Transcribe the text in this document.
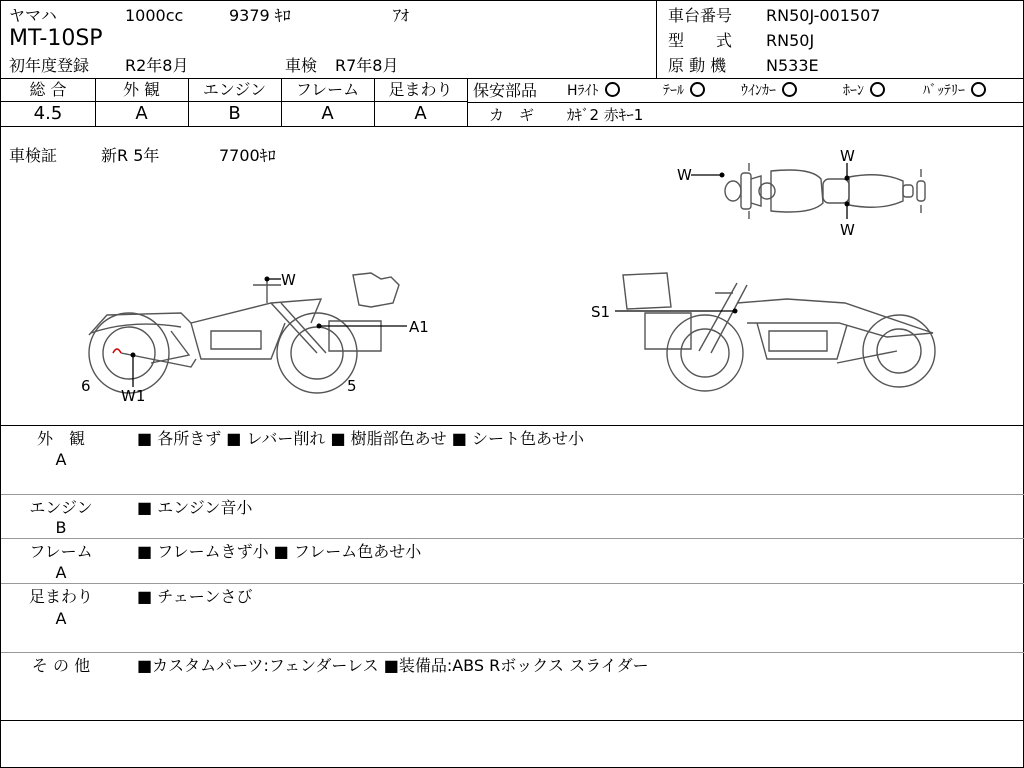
ヤマハ	1000cc	9379 ｷﾛ	ｱｵ
MT-10SP
初年度登録 R2年8月	車検 R7年8月
車台番号 RN50J-001507
型　　式 RN50J
原 動 機 N533E
総 合	外 観	エンジン	フレーム	足まわり
4.5	A	B	A	A
保安部品 Hﾗｲﾄ	ﾃｰﾙ	ｳｲﾝｶｰ	ﾎｰﾝ	ﾊﾞｯﾃﾘｰ
カ　ギ ｶｷﾞ2 赤ｷｰ1
車検証	新R 5年	7700ｷﾛ
W
W
W
W
A1
W1
6	5
S1
外　観
A
■ 各所きず ■ レバー削れ ■ 樹脂部色あせ ■ シート色あせ小
エンジン
B
■ エンジン音小
フレーム
A
■ フレームきず小 ■ フレーム色あせ小
足まわり
A
■ チェーンさび
そ の 他	■カスタムパーツ:フェンダーレス ■装備品:ABS Rボックス スライダー
